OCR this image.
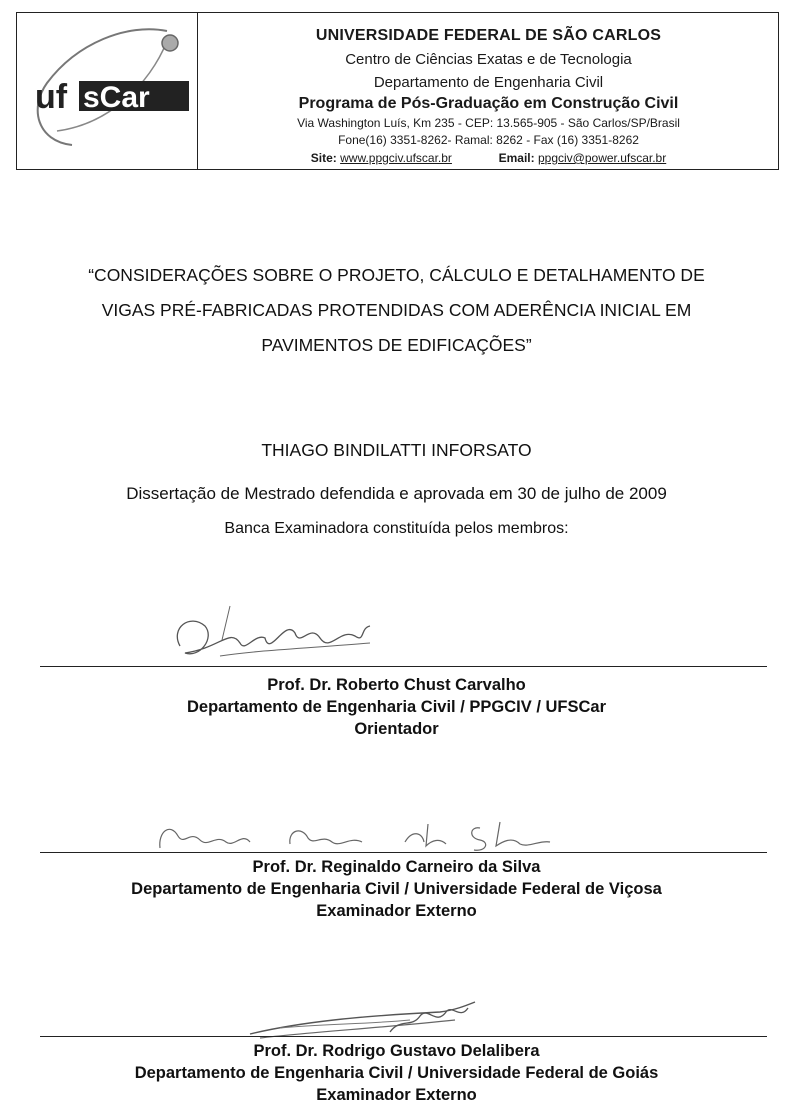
uf sCar
UNIVERSIDADE FEDERAL DE SÃO CARLOS
Centro de Ciências Exatas e de Tecnologia
Departamento de Engenharia Civil
Programa de Pós-Graduação em Construção Civil
Via Washington Luís, Km 235 - CEP: 13.565-905 - São Carlos/SP/Brasil
Fone(16) 3351-8262- Ramal: 8262 - Fax (16) 3351-8262
Site: www.ppgciv.ufscar.br	Email: ppgciv@power.ufscar.br
“CONSIDERAÇÕES SOBRE O PROJETO, CÁLCULO E DETALHAMENTO DE
VIGAS PRÉ-FABRICADAS PROTENDIDAS COM ADERÊNCIA INICIAL EM
PAVIMENTOS DE EDIFICAÇÕES”
THIAGO BINDILATTI INFORSATO
Dissertação de Mestrado defendida e aprovada em 30 de julho de 2009
Banca Examinadora constituída pelos membros:
Prof. Dr. Roberto Chust Carvalho
Departamento de Engenharia Civil / PPGCIV / UFSCar
Orientador
Prof. Dr. Reginaldo Carneiro da Silva
Departamento de Engenharia Civil / Universidade Federal de Viçosa
Examinador Externo
Prof. Dr. Rodrigo Gustavo Delalibera
Departamento de Engenharia Civil / Universidade Federal de Goiás
Examinador Externo
